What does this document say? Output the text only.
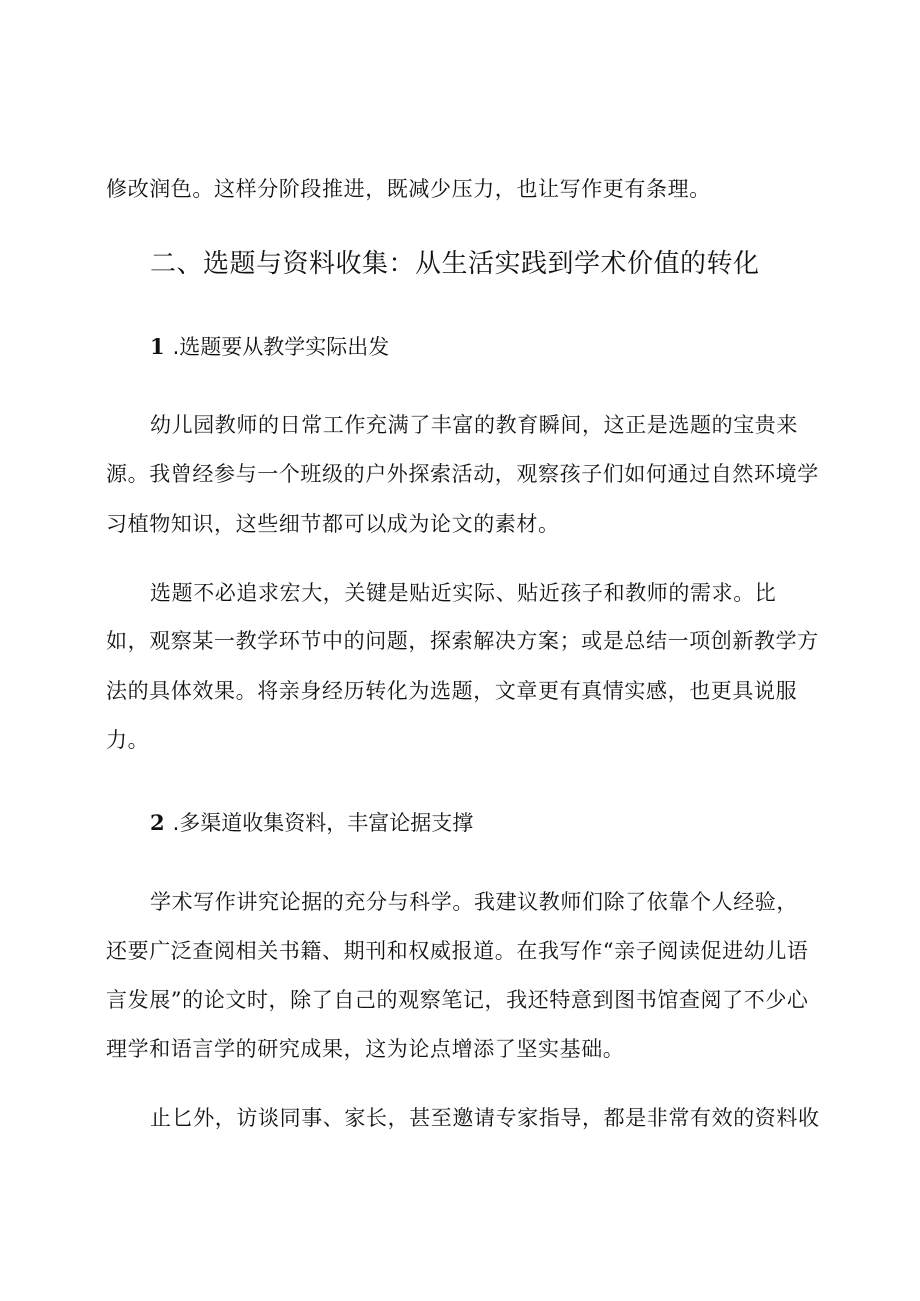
修改润色。这样分阶段推进，既减少压力，也让写作更有条理。
二、选题与资料收集：从生活实践到学术价值的转化
1 .选题要从教学实际出发
幼儿园教师的日常工作充满了丰富的教育瞬间，这正是选题的宝贵来
源。我曾经参与一个班级的户外探索活动，观察孩子们如何通过自然环境学
习植物知识，这些细节都可以成为论文的素材。
选题不必追求宏大，关键是贴近实际、贴近孩子和教师的需求。比
如，观察某一教学环节中的问题，探索解决方案；或是总结一项创新教学方
法的具体效果。将亲身经历转化为选题，文章更有真情实感，也更具说服
力。
2 .多渠道收集资料，丰富论据支撑
学术写作讲究论据的充分与科学。我建议教师们除了依靠个人经验，
还要广泛查阅相关书籍、期刊和权威报道。在我写作“亲子阅读促进幼儿语
言发展”的论文时，除了自己的观察笔记，我还特意到图书馆查阅了不少心
理学和语言学的研究成果，这为论点增添了坚实基础。
止匕外，访谈同事、家长，甚至邀请专家指导，都是非常有效的资料收
